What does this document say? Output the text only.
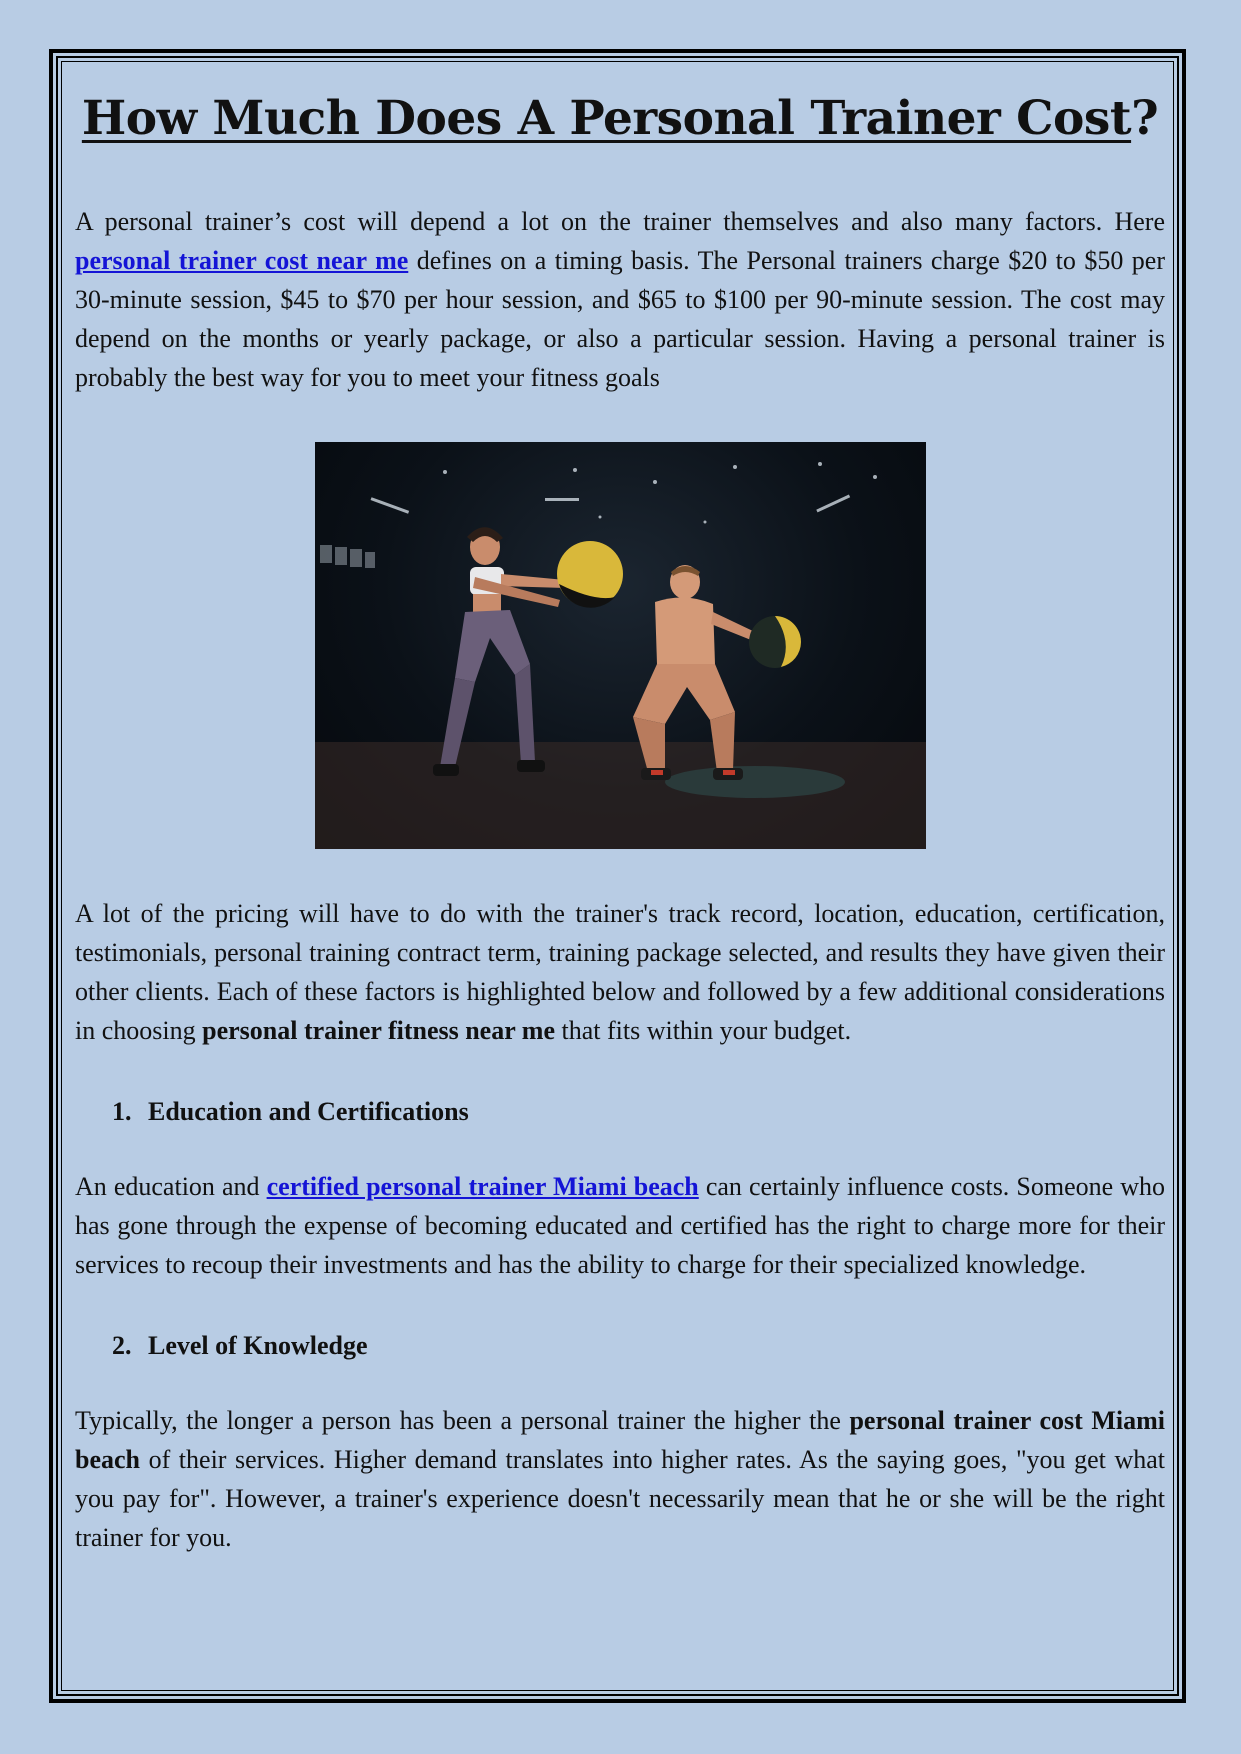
How Much Does A Personal Trainer Cost?

A personal trainer’s cost will depend a lot on the trainer themselves and also many factors. Here personal trainer cost near me defines on a timing basis. The Personal trainers charge $20 to $50 per 30-minute session, $45 to $70 per hour session, and $65 to $100 per 90-minute session. The cost may depend on the months or yearly package, or also a particular session. Having a personal trainer is probably the best way for you to meet your fitness goals

A lot of the pricing will have to do with the trainer's track record, location, education, certification, testimonials, personal training contract term, training package selected, and results they have given their other clients. Each of these factors is highlighted below and followed by a few additional considerations in choosing personal trainer fitness near me that fits within your budget.

1. Education and Certifications

An education and certified personal trainer Miami beach can certainly influence costs. Someone who has gone through the expense of becoming educated and certified has the right to charge more for their services to recoup their investments and has the ability to charge for their specialized knowledge.

2. Level of Knowledge

Typically, the longer a person has been a personal trainer the higher the personal trainer cost Miami beach of their services. Higher demand translates into higher rates. As the saying goes, "you get what you pay for". However, a trainer's experience doesn't necessarily mean that he or she will be the right trainer for you.
